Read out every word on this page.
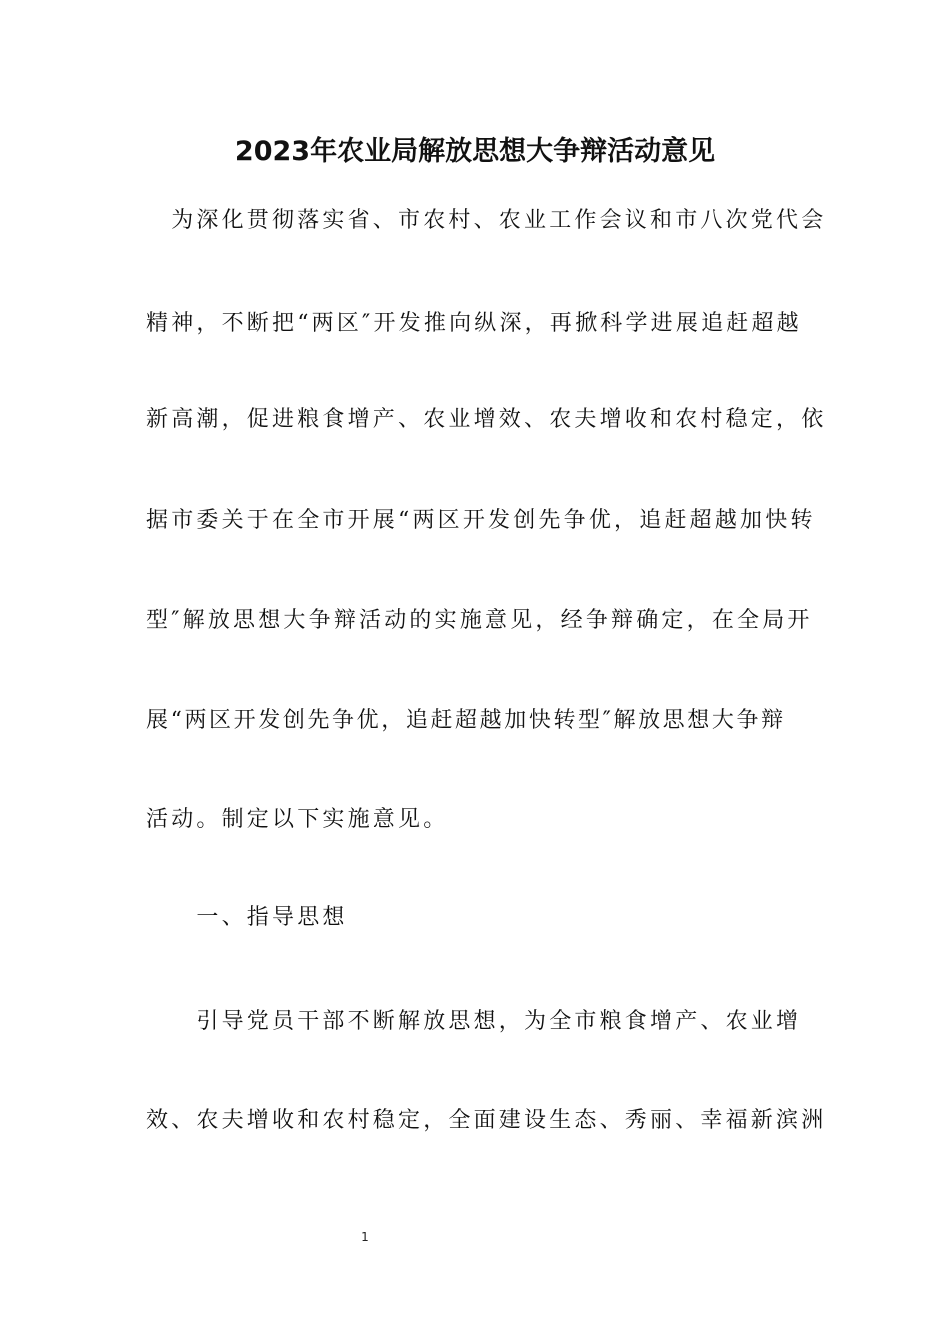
2023年农业局解放思想大争辩活动意见

　为深化贯彻落实省、市农村、农业工作会议和市八次党代会

精神，不断把“两区″开发推向纵深，再掀科学进展追赶超越

新高潮，促进粮食增产、农业增效、农夫增收和农村稳定，依

据市委关于在全市开展“两区开发创先争优，追赶超越加快转

型″解放思想大争辩活动的实施意见，经争辩确定，在全局开

展“两区开发创先争优，追赶超越加快转型″解放思想大争辩

活动。制定以下实施意见。

　　一、指导思想

　　引导党员干部不断解放思想，为全市粮食增产、农业增

效、农夫增收和农村稳定，全面建设生态、秀丽、幸福新滨洲

1
